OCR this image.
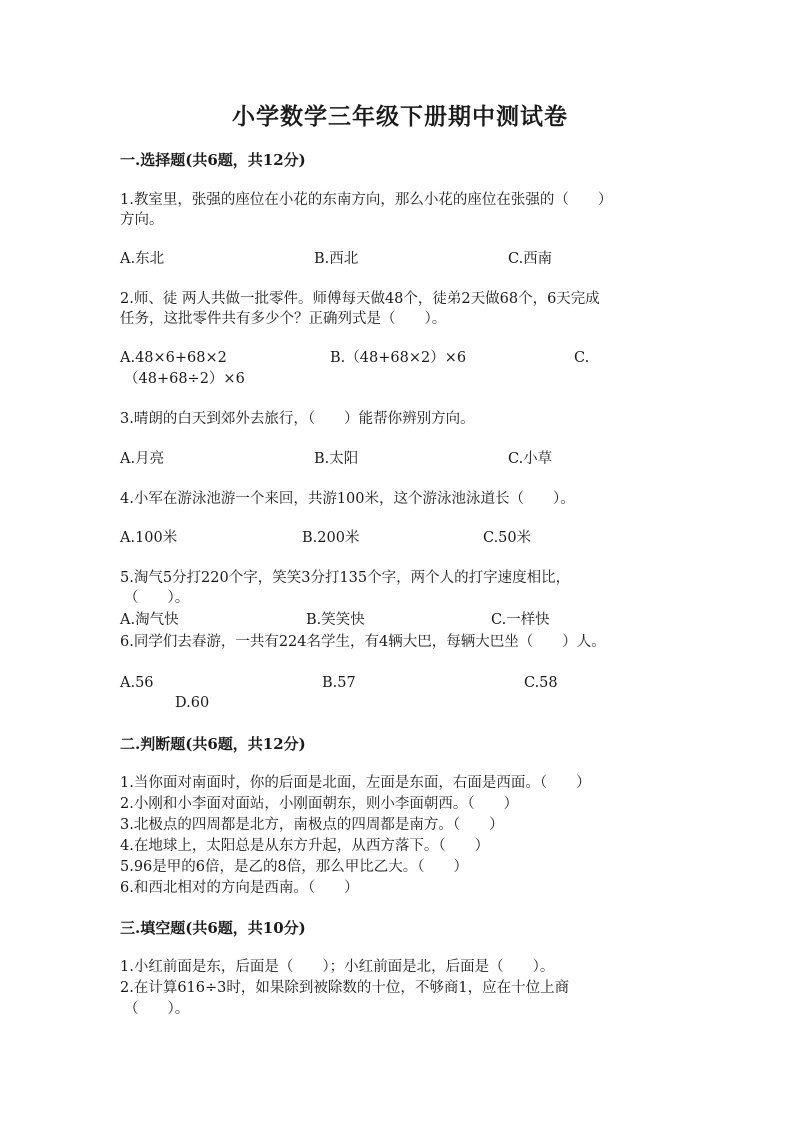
小学数学三年级下册期中测试卷
一.选择题(共6题，共12分)
1.教室里，张强的座位在小花的东南方向，那么小花的座位在张强的（　　）
方向。
A.东北	B.西北	C.西南
2.师、徒 两人共做一批零件。师傅每天做48个，徒弟2天做68个，6天完成
任务，这批零件共有多少个？正确列式是（　　）。
A.48×6+68×2	B.（48+68×2）×6	C.
（48+68÷2）×6
3.晴朗的白天到郊外去旅行，（　　）能帮你辨别方向。
A.月亮	B.太阳	C.小草
4.小军在游泳池游一个来回，共游100米，这个游泳池泳道长（　　）。
A.100米	B.200米	C.50米
5.淘气5分打220个字，笑笑3分打135个字，两个人的打字速度相比，
（　　）。
A.淘气快	B.笑笑快	C.一样快
6.同学们去春游，一共有224名学生，有4辆大巴，每辆大巴坐（　　）人。
A.56	B.57	C.58
D.60
二.判断题(共6题，共12分)
1.当你面对南面时，你的后面是北面，左面是东面，右面是西面。（　　）
2.小刚和小李面对面站，小刚面朝东，则小李面朝西。（　　）
3.北极点的四周都是北方，南极点的四周都是南方。（　　）
4.在地球上，太阳总是从东方升起，从西方落下。（　　）
5.96是甲的6倍，是乙的8倍，那么甲比乙大。（　　）
6.和西北相对的方向是西南。（　　）
三.填空题(共6题，共10分)
1.小红前面是东，后面是（　　）；小红前面是北，后面是（　　）。
2.在计算616÷3时，如果除到被除数的十位，不够商1，应在十位上商
（　　）。
